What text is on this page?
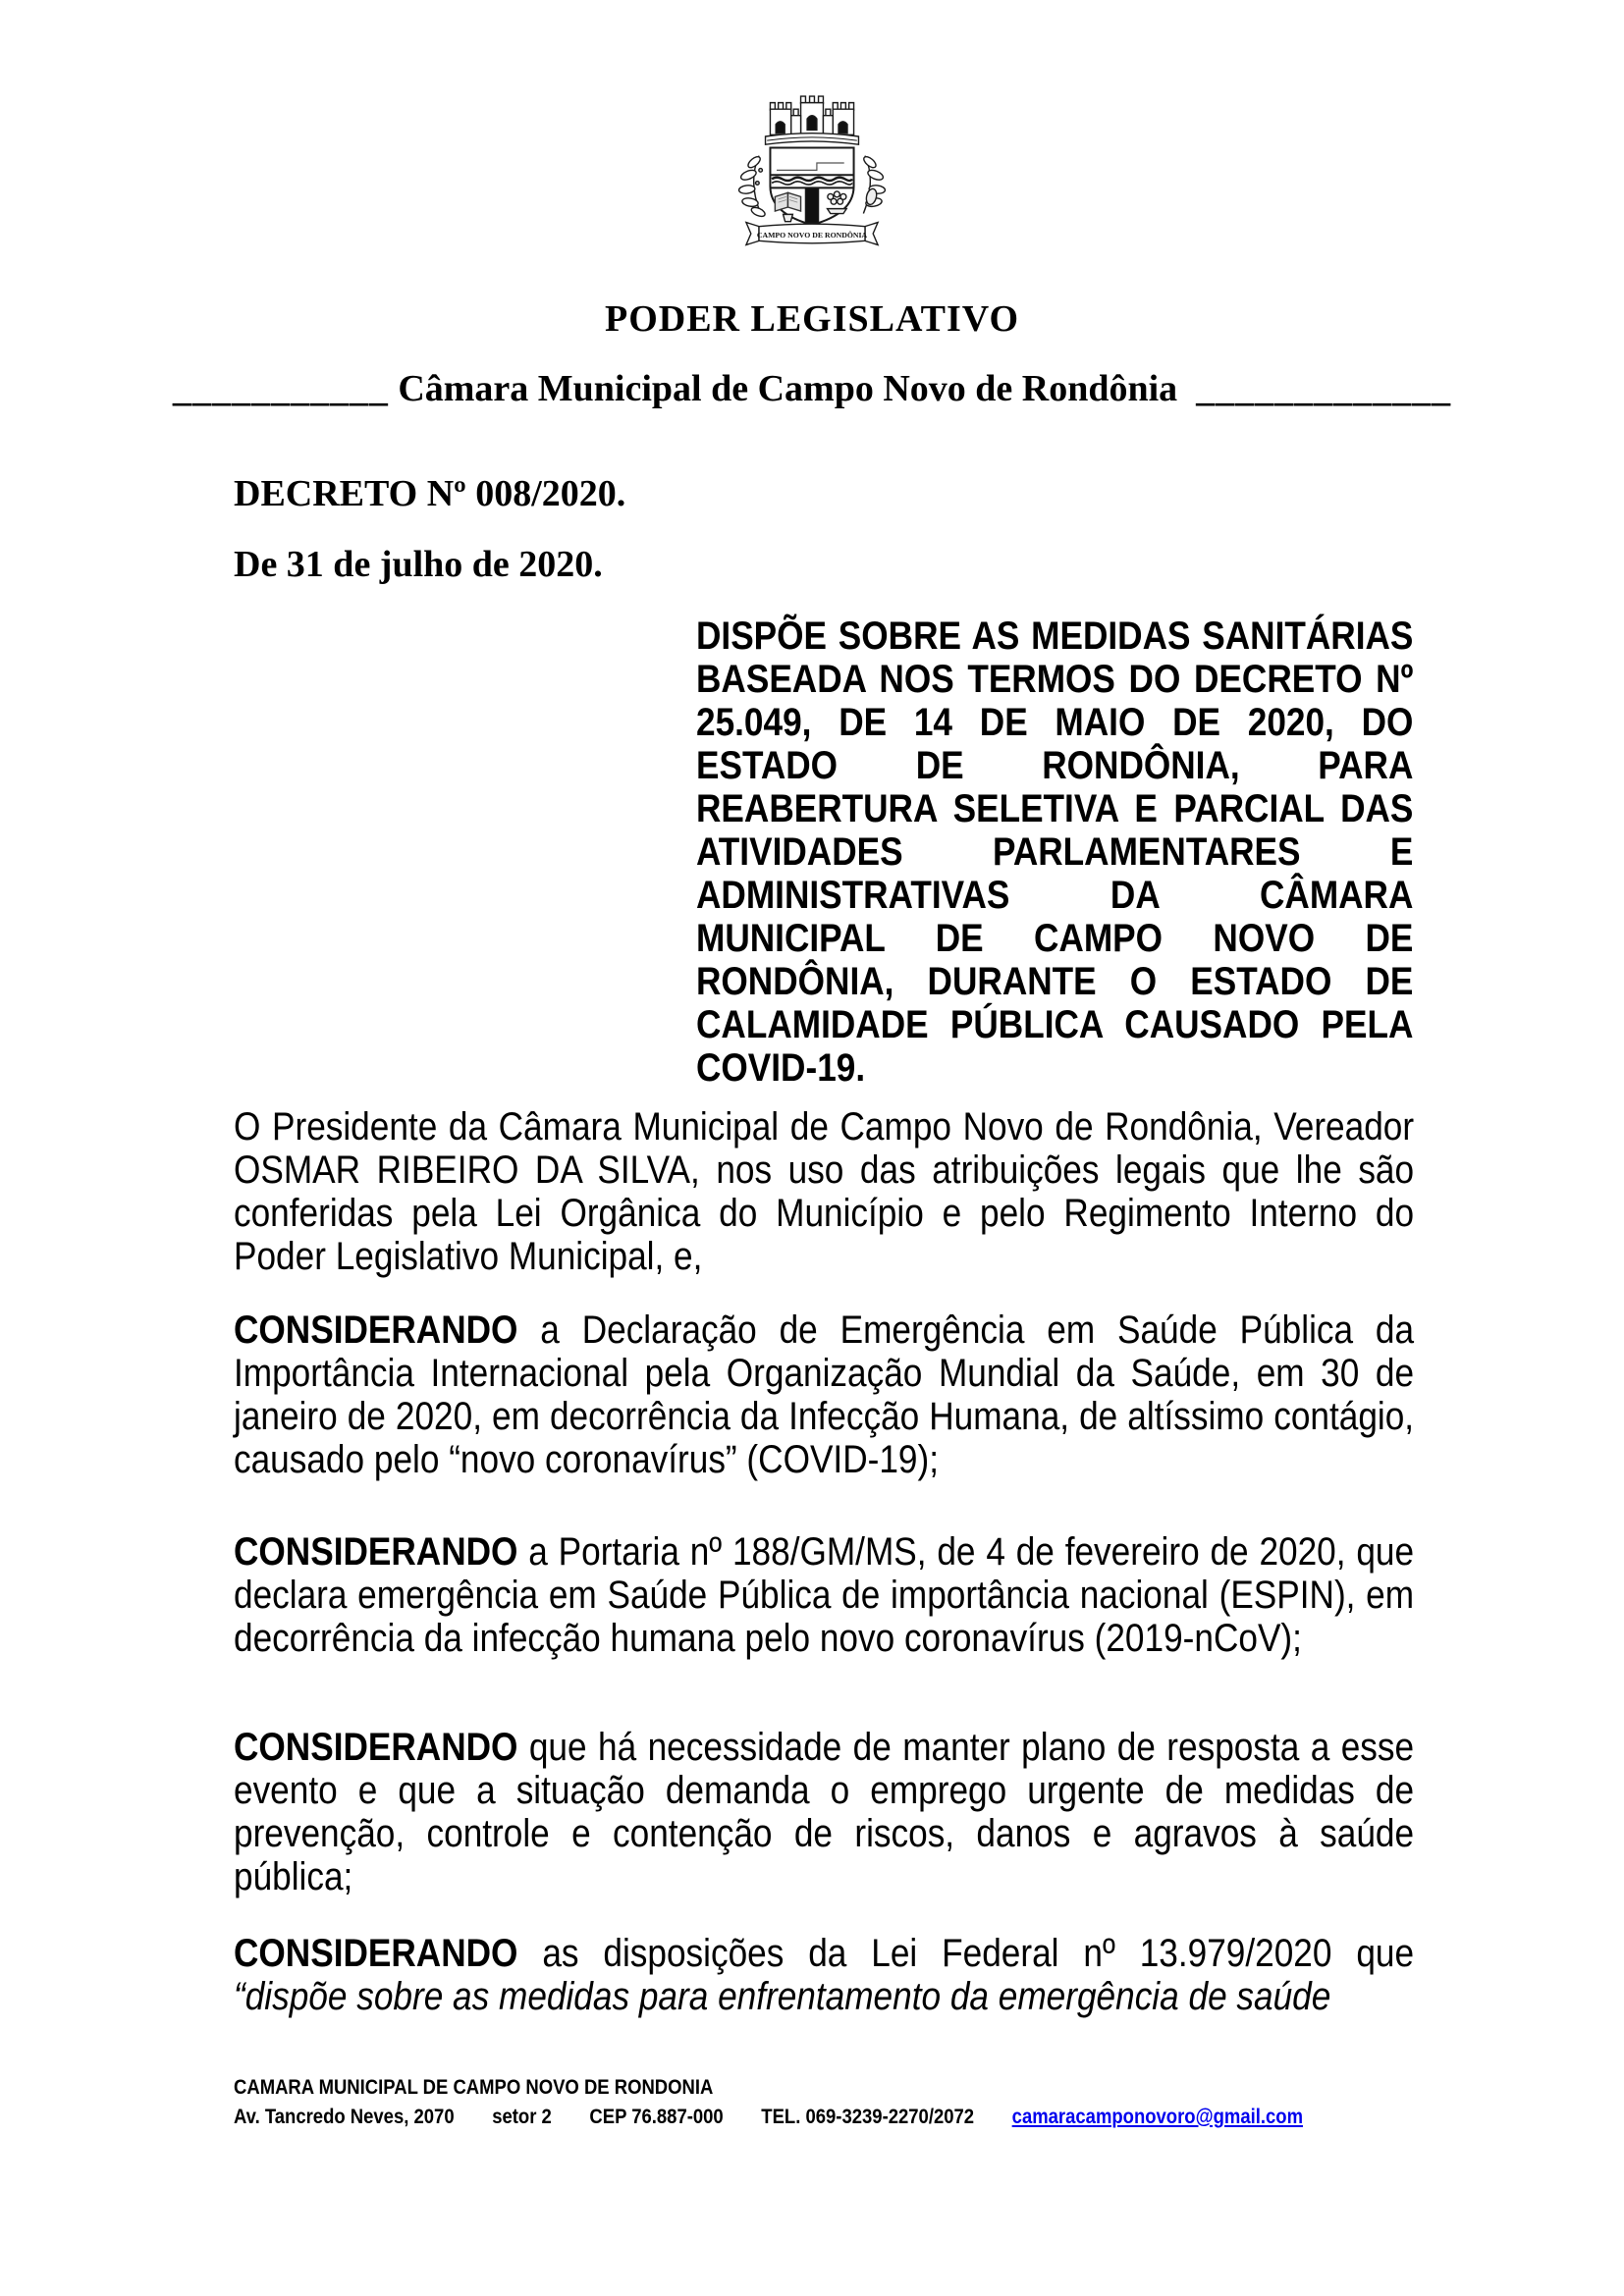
CAMPO NOVO DE RONDÔNIA
PODER LEGISLATIVO
___________ Câmara Municipal de Campo Novo de Rondônia _____________
DECRETO Nº 008/2020.
De 31 de julho de 2020.
DISPÕE SOBRE AS MEDIDAS SANITÁRIAS BASEADA NOS TERMOS DO DECRETO Nº 25.049, DE 14 DE MAIO DE 2020, DO ESTADO DE RONDÔNIA, PARA REABERTURA SELETIVA E PARCIAL DAS ATIVIDADES PARLAMENTARES E ADMINISTRATIVAS DA CÂMARA MUNICIPAL DE CAMPO NOVO DE RONDÔNIA, DURANTE O ESTADO DE CALAMIDADE PÚBLICA CAUSADO PELA COVID-19.

O Presidente da Câmara Municipal de Campo Novo de Rondônia, Vereador OSMAR RIBEIRO DA SILVA, nos uso das atribuições legais que lhe são conferidas pela Lei Orgânica do Município e pelo Regimento Interno do Poder Legislativo Municipal, e,

CONSIDERANDO a Declaração de Emergência em Saúde Pública da Importância Internacional pela Organização Mundial da Saúde, em 30 de janeiro de 2020, em decorrência da Infecção Humana, de altíssimo contágio, causado pelo “novo coronavírus” (COVID-19);

CONSIDERANDO a Portaria nº 188/GM/MS, de 4 de fevereiro de 2020, que declara emergência em Saúde Pública de importância nacional (ESPIN), em decorrência da infecção humana pelo novo coronavírus (2019-nCoV);

CONSIDERANDO que há necessidade de manter plano de resposta a esse evento e que a situação demanda o emprego urgente de medidas de prevenção, controle e contenção de riscos, danos e agravos à saúde pública;

CONSIDERANDO as disposições da Lei Federal nº 13.979/2020 que “dispõe sobre as medidas para enfrentamento da emergência de saúde

CAMARA MUNICIPAL DE CAMPO NOVO DE RONDONIA
Av. Tancredo Neves, 2070 setor 2 CEP 76.887-000 TEL. 069-3239-2270/2072 camaracamponovoro@gmail.com
